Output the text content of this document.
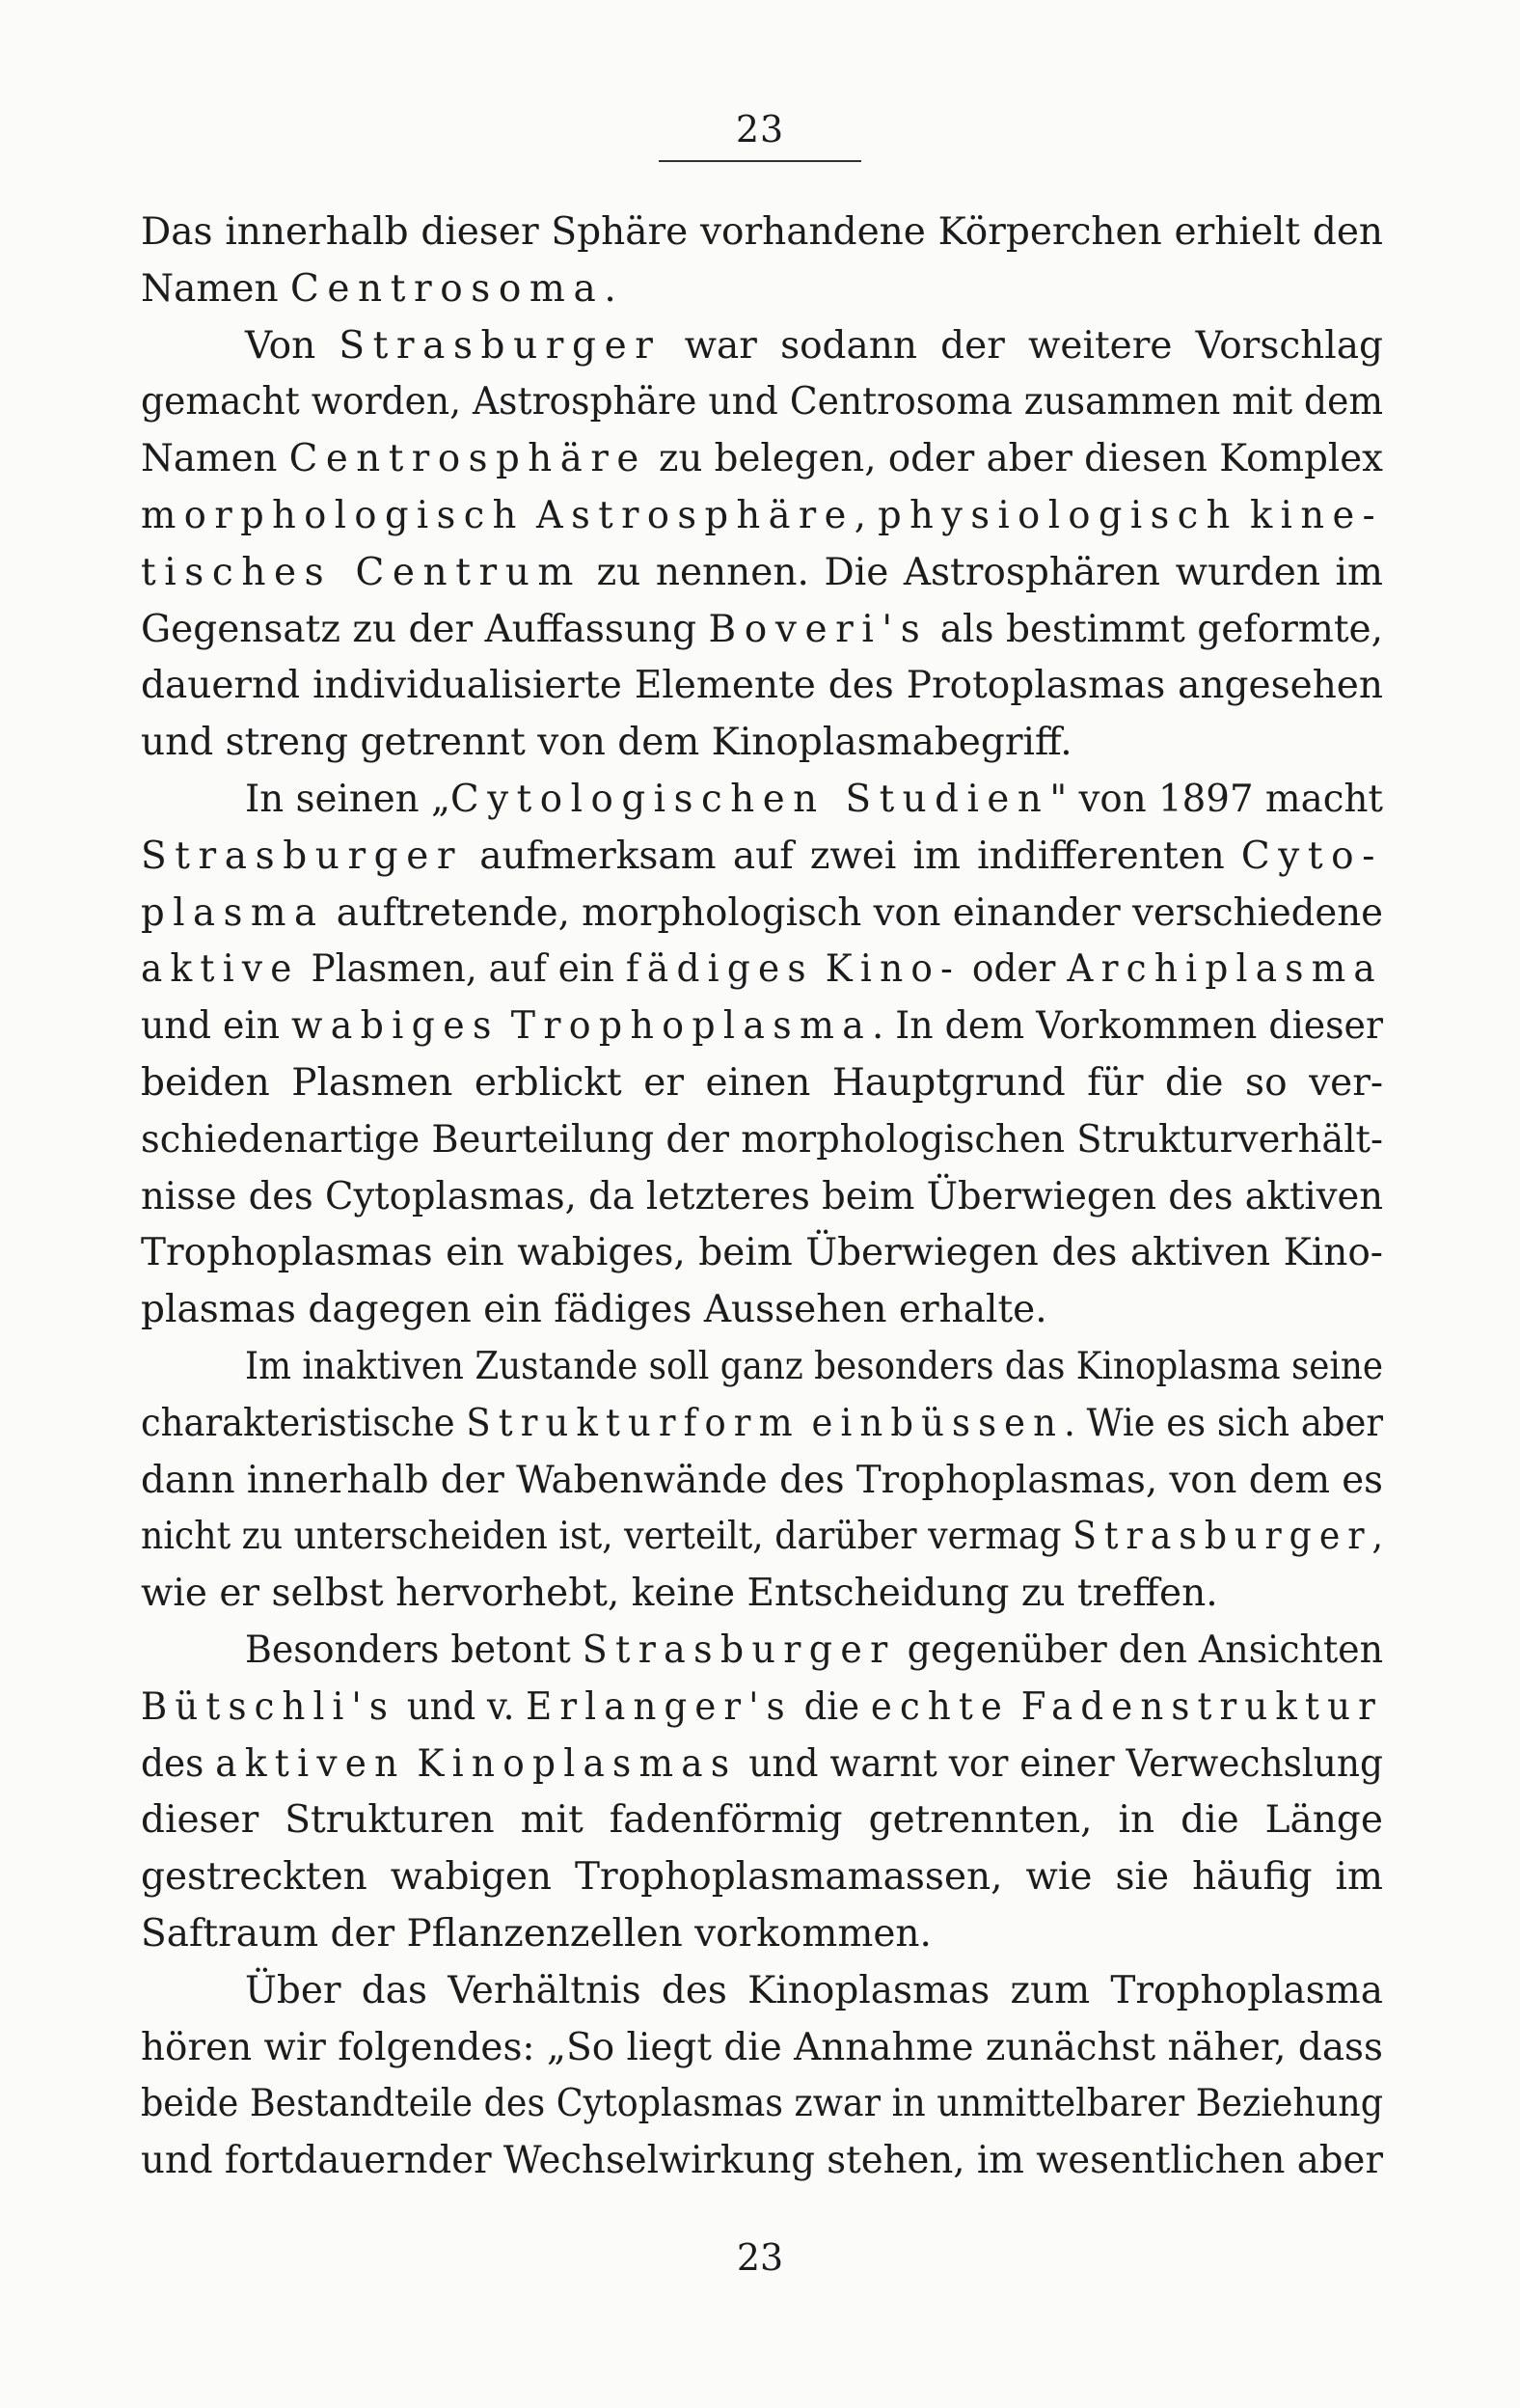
23
Das innerhalb dieser Sphäre vorhandene Körperchen erhielt den
Namen Centrosoma.
Von Strasburger war sodann der weitere Vorschlag
gemacht worden, Astrosphäre und Centrosoma zusammen mit dem
Namen Centrosphäre zu belegen, oder aber diesen Komplex
morphologisch Astrosphäre, physiologisch kine-
tisches Centrum zu nennen. Die Astrosphären wurden im
Gegensatz zu der Auffassung Boveri's als bestimmt geformte,
dauernd individualisierte Elemente des Protoplasmas angesehen
und streng getrennt von dem Kinoplasmabegriff.
In seinen „Cytologischen Studien" von 1897 macht
Strasburger aufmerksam auf zwei im indifferenten Cyto-
plasma auftretende, morphologisch von einander verschiedene
aktive Plasmen, auf ein fädiges Kino- oder Archiplasma
und ein wabiges Trophoplasma. In dem Vorkommen dieser
beiden Plasmen erblickt er einen Hauptgrund für die so ver-
schiedenartige Beurteilung der morphologischen Strukturverhält-
nisse des Cytoplasmas, da letzteres beim Überwiegen des aktiven
Trophoplasmas ein wabiges, beim Überwiegen des aktiven Kino-
plasmas dagegen ein fädiges Aussehen erhalte.
Im inaktiven Zustande soll ganz besonders das Kinoplasma seine
charakteristische Strukturform einbüssen. Wie es sich aber
dann innerhalb der Wabenwände des Trophoplasmas, von dem es
nicht zu unterscheiden ist, verteilt, darüber vermag Strasburger,
wie er selbst hervorhebt, keine Entscheidung zu treffen.
Besonders betont Strasburger gegenüber den Ansichten
Bütschli's und v. Erlanger's die echte Fadenstruktur
des aktiven Kinoplasmas und warnt vor einer Verwechslung
dieser Strukturen mit fadenförmig getrennten, in die Länge
gestreckten wabigen Trophoplasmamassen, wie sie häufig im
Saftraum der Pflanzenzellen vorkommen.
Über das Verhältnis des Kinoplasmas zum Trophoplasma
hören wir folgendes: „So liegt die Annahme zunächst näher, dass
beide Bestandteile des Cytoplasmas zwar in unmittelbarer Beziehung
und fortdauernder Wechselwirkung stehen, im wesentlichen aber
23
